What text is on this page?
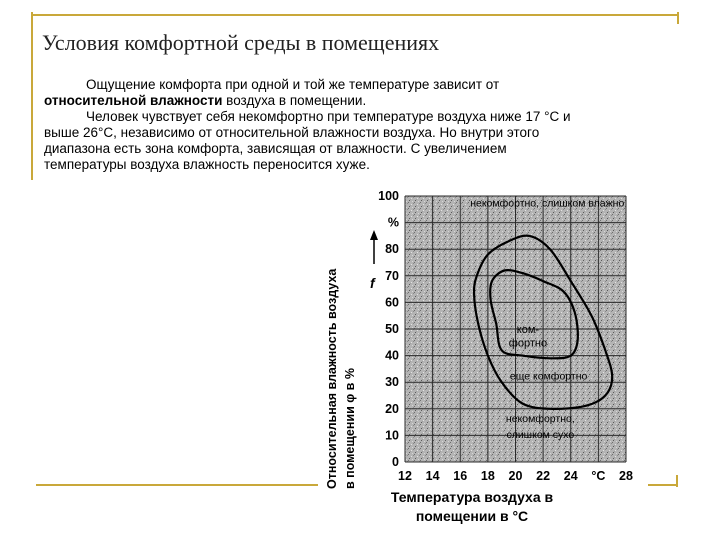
Условия комфортной среды в помещениях

Ощущение комфорта при одной и той же температуре зависит от

относительной влажности воздуха в помещении.

Человек чувствует себя некомфортно при температуре воздуха ниже 17 °С и

выше 26°С, независимо от относительной влажности воздуха. Но внутри этого

диапазона есть зона комфорта, зависящая от влажности. С увеличением

температуры воздуха влажность переносится хуже.

ком-
фортно
некомфортно, слишком влажно
еще комфортно
некомфортно,
слишком сухо
12 14 16 18 20 22 24 °C 28
100
%
80
70
60
50
40
30
20
10
0
Относительная влажность воздуха в помещении φ в %
f
Температура воздуха в
помещении в °С
